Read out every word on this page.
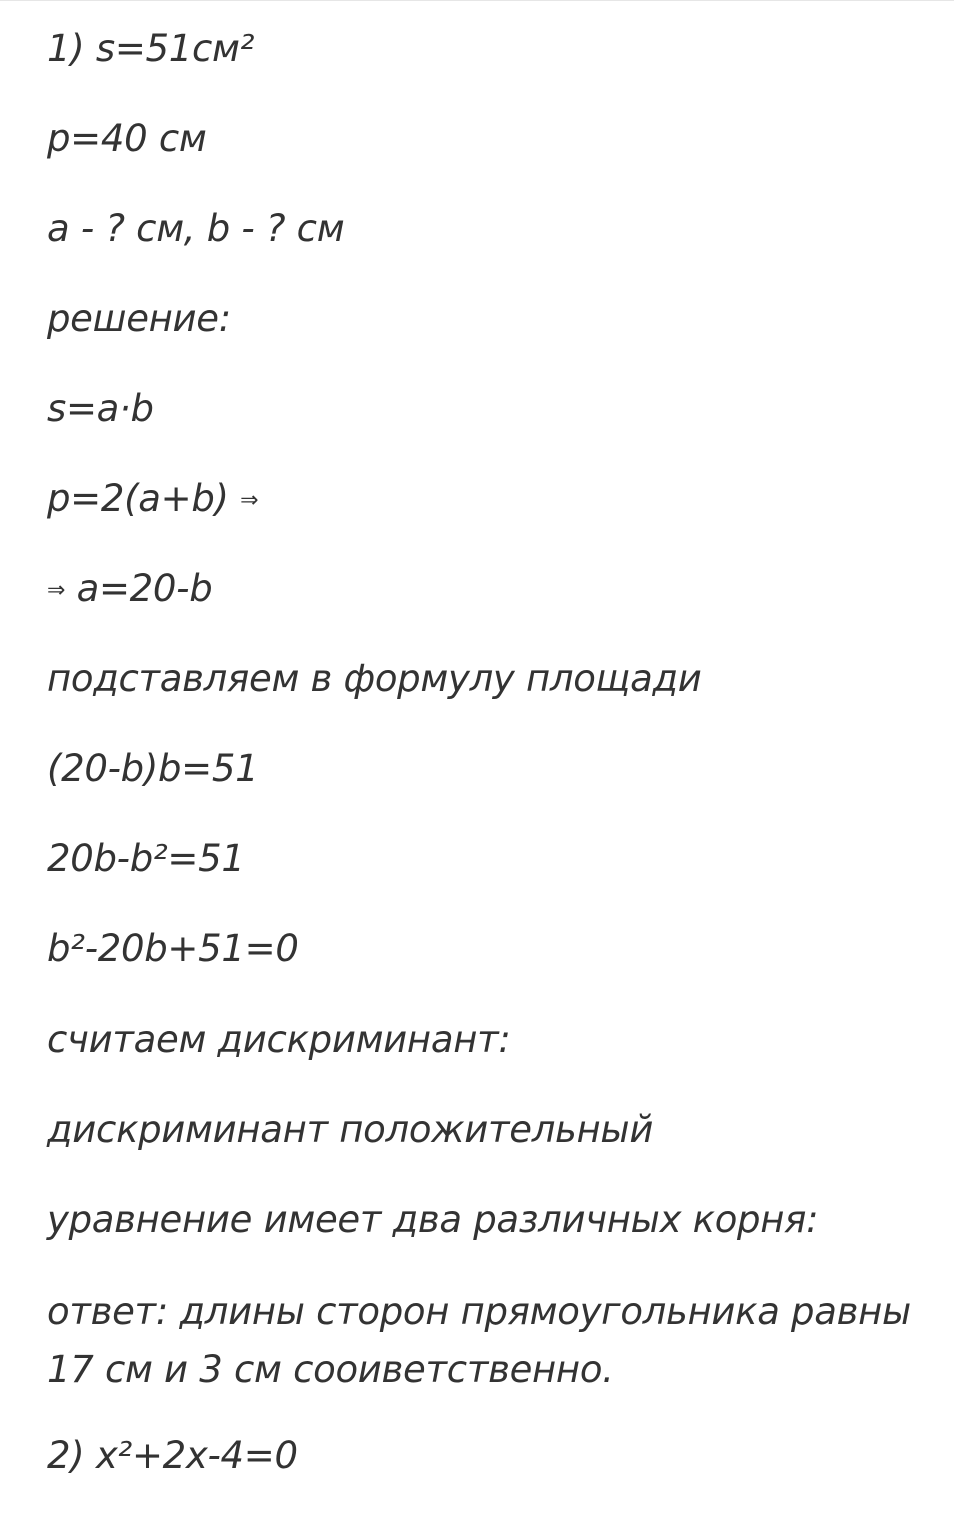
1) s=51см²

p=40 см

a - ? см, b - ? см

решение:

s=a·b

p=2(a+b) ⇒

⇒ a=20-b

подставляем в формулу площади

(20-b)b=51

20b-b²=51

b²-20b+51=0

считаем дискриминант:

дискриминант положительный

уравнение имеет два различных корня:

ответ: длины сторон прямоугольника равны 17 см и 3 см сооиветственно.

2) x²+2x-4=0
